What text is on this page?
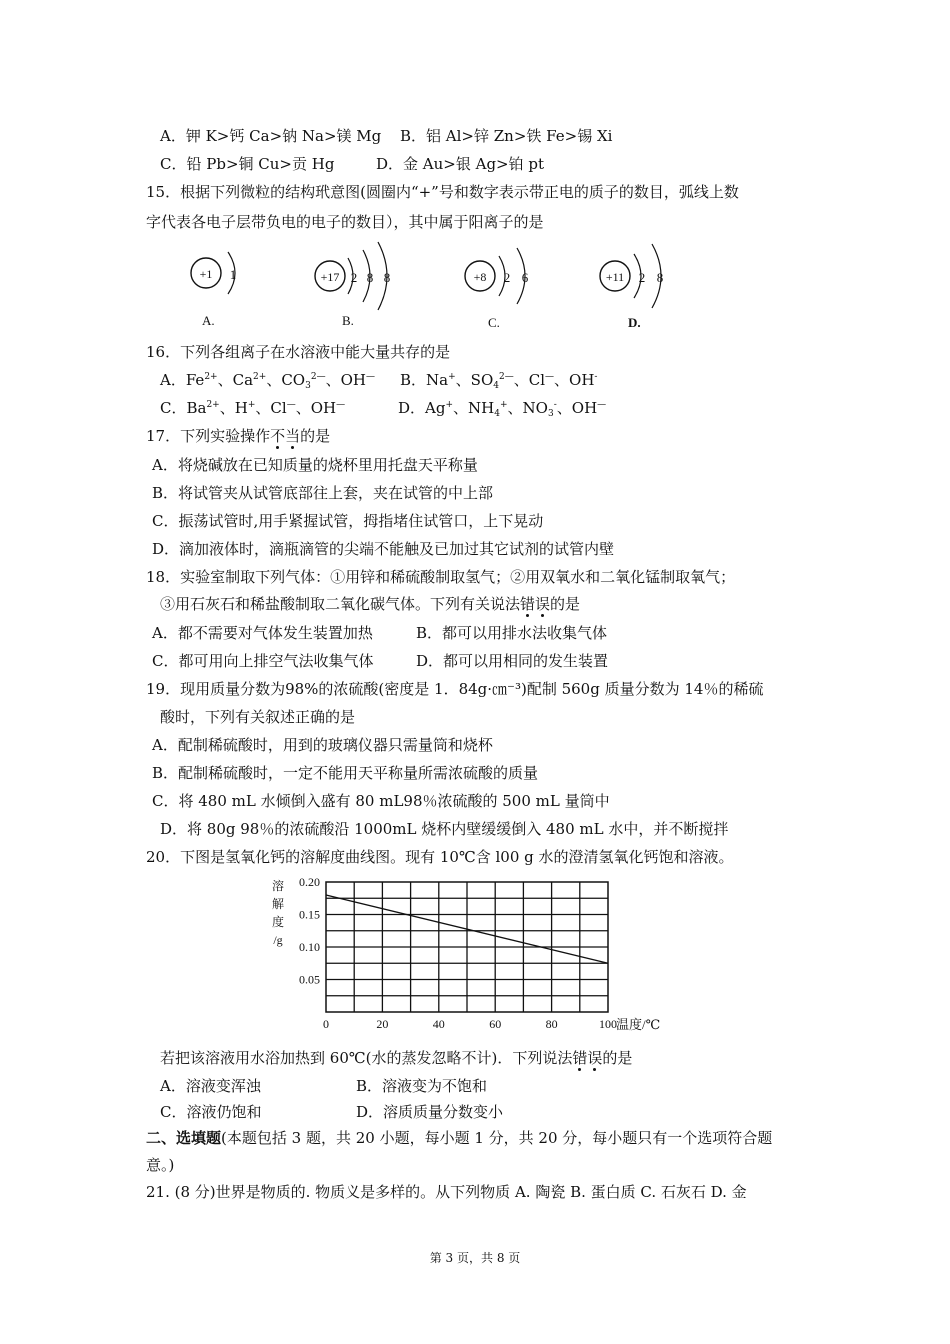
A．钾 K>钙 Ca>钠 Na>镁 Mg B．铝 Al>锌 Zn>铁 Fe>锡 Xi
C．铅 Pb>铜 Cu>贡 Hg	D．金 Au>银 Ag>铂 pt
15．根据下列微粒的结构玳意图(圆圈内“+”号和数字表示带正电的质子的数目，弧线上数
字代表各电子层带负电的电子的数目），其中属于阳离子的是
+1 1
A.
+17 2 8 8
B.
+8 2 6
C.
+11 2 8
D.
16．下列各组离子在水溶液中能大量共存的是
A．$Fe^{2+}$、$Ca^{2+}$、$CO_3^{2—}$、OH— B．Na+、$SO_4^{2—}$、Cl—、OH-
C．$Ba^{2+}$、H+、Cl—、OH—	D．Ag+、$NH_4^+$、$NO_3^-$、OH—
17．下列实验操作不当的是
A．将烧碱放在已知质量的烧杯里用托盘天平称量
B．将试管夹从试管底部往上套，夹在试管的中上部
C．振荡试管时,用手紧握试管，拇指堵住试管口，上下晃动
D．滴加液体时，滴瓶滴管的尖端不能触及已加过其它试剂的试管内壁
18．实验室制取下列气体：①用锌和稀硫酸制取氢气；②用双氧水和二氧化锰制取氧气；
③用石灰石和稀盐酸制取二氧化碳气体。下列有关说法错误的是
A．都不需要对气体发生装置加热	B．都可以用排水法收集气体
C．都可用向上排空气法收集气体	D．都可以用相同的发生装置
19．现用质量分数为98%的浓硫酸(密度是 1．84g·㎝⁻³)配制 560g 质量分数为 14％的稀硫
酸时，下列有关叙述正确的是
A．配制稀硫酸时，用到的玻璃仪器只需量筒和烧杯
B．配制稀硫酸时，一定不能用天平称量所需浓硫酸的质量
C．将 480 mL 水倾倒入盛有 80 mL98％浓硫酸的 500 mL 量筒中
D．将 80g 98％的浓硫酸沿 1000mL 烧杯内壁缓缓倒入 480 mL 水中，并不断搅拌
20．下图是氢氧化钙的溶解度曲线图。现有 10℃含 l00 g 水的澄清氢氧化钙饱和溶液。
溶
解
度
/g
0.05
0.10
0.15
0.20
0	20	40	60	80	100 温度/℃
若把该溶液用水浴加热到 60℃(水的蒸发忽略不计)．下列说法错误的是
A．溶液变浑浊	B．溶液变为不饱和
C．溶液仍饱和	D．溶质质量分数变小
二、选填题(本题包括 3 题，共 20 小题，每小题 1 分，共 20 分，每小题只有一个选项符合题
意。)
21. (8 分)世界是物质的. 物质义是多样的。从下列物质 A. 陶瓷 B. 蛋白质 C. 石灰石 D. 金
第 3 页，共 8 页
